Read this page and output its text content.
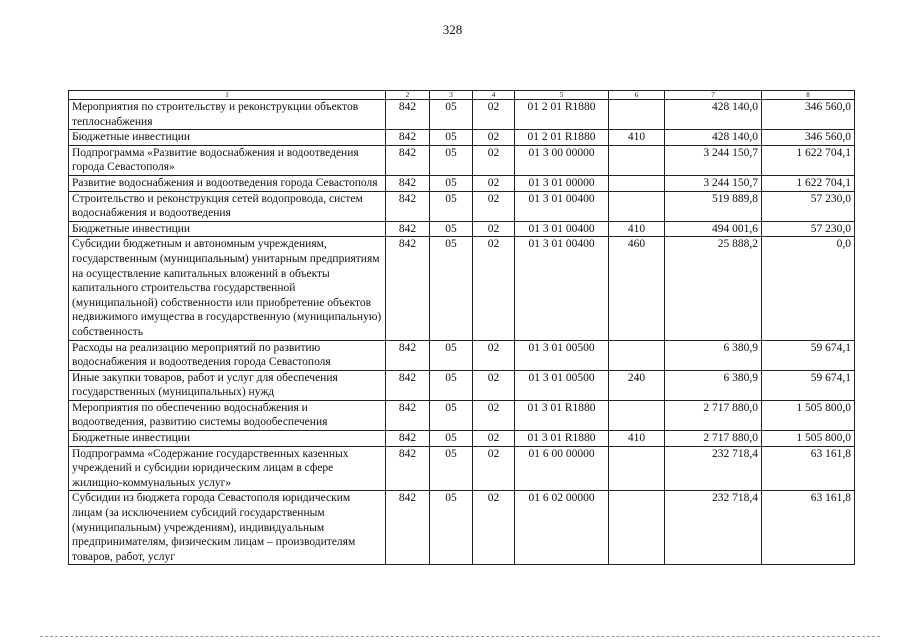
328
1	2	3	4	5	6	7	8
Мероприятия по строительству и реконструкции объектов теплоснабжения	842	05	02	01 2 01 R1880		428 140,0	346 560,0
Бюджетные инвестиции	842	05	02	01 2 01 R1880	410	428 140,0	346 560,0
Подпрограмма «Развитие водоснабжения и водоотведения города Севастополя»	842	05	02	01 3 00 00000		3 244 150,7	1 622 704,1
Развитие водоснабжения и водоотведения города Севастополя	842	05	02	01 3 01 00000		3 244 150,7	1 622 704,1
Строительство и реконструкция сетей водопровода, систем водоснабжения и водоотведения	842	05	02	01 3 01 00400		519 889,8	57 230,0
Бюджетные инвестиции	842	05	02	01 3 01 00400	410	494 001,6	57 230,0
Субсидии бюджетным и автономным учреждениям, государственным (муниципальным) унитарным предприятиям на осуществление капитальных вложений в объекты капитального строительства государственной (муниципальной) собственности или приобретение объектов недвижимого имущества в государственную (муниципальную) собственность	842	05	02	01 3 01 00400	460	25 888,2	0,0
Расходы на реализацию мероприятий по развитию водоснабжения и водоотведения города Севастополя	842	05	02	01 3 01 00500		6 380,9	59 674,1
Иные закупки товаров, работ и услуг для обеспечения государственных (муниципальных) нужд	842	05	02	01 3 01 00500	240	6 380,9	59 674,1
Мероприятия по обеспечению водоснабжения и водоотведения, развитию системы водообеспечения	842	05	02	01 3 01 R1880		2 717 880,0	1 505 800,0
Бюджетные инвестиции	842	05	02	01 3 01 R1880	410	2 717 880,0	1 505 800,0
Подпрограмма «Содержание государственных казенных учреждений и субсидии юридическим лицам в сфере жилищно-коммунальных услуг»	842	05	02	01 6 00 00000		232 718,4	63 161,8
Субсидии из бюджета города Севастополя юридическим лицам (за исключением субсидий государственным (муниципальным) учреждениям), индивидуальным предпринимателям, физическим лицам – производителям товаров, работ, услуг	842	05	02	01 6 02 00000		232 718,4	63 161,8
